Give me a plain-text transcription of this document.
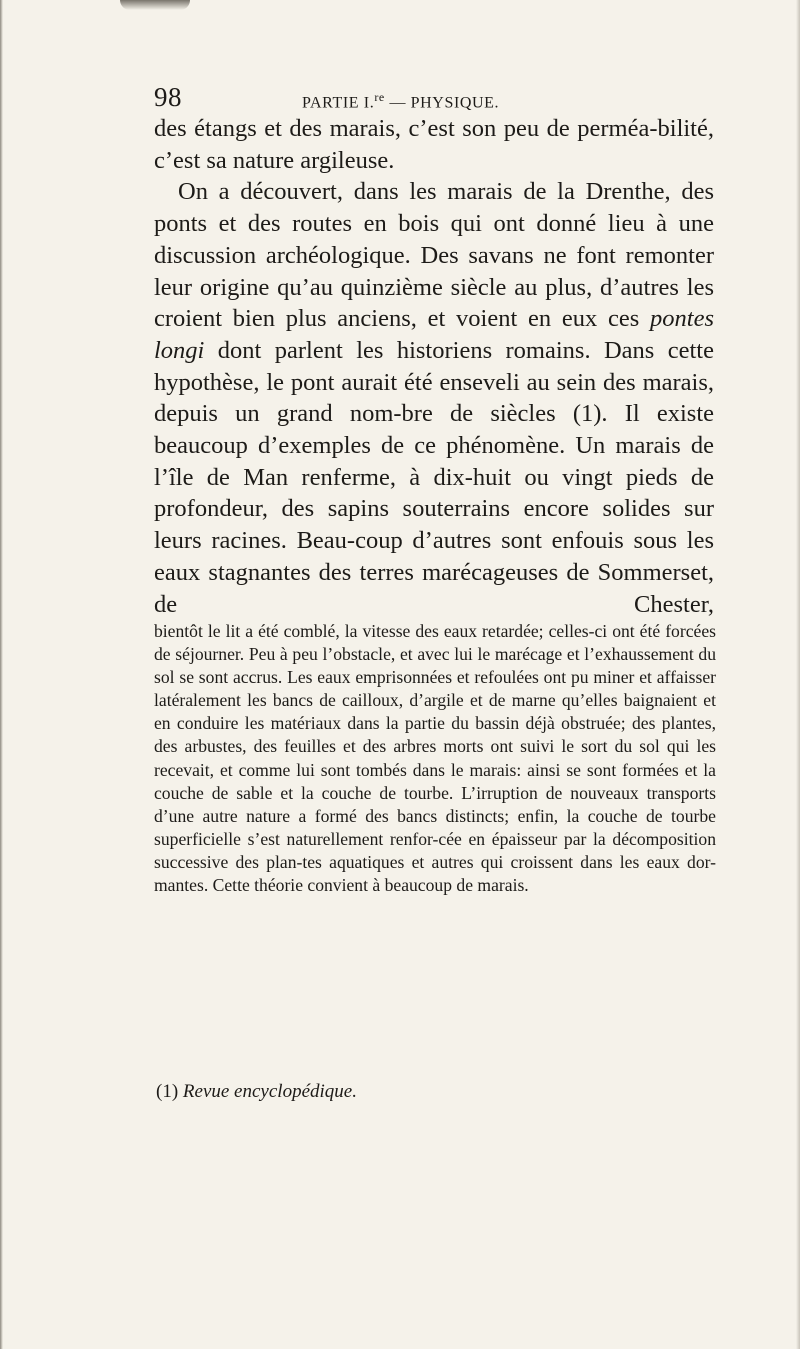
98	PARTIE I.$^{re}$ — PHYSIQUE.

des étangs et des marais, c’est son peu de perméa-bilité, c’est sa nature argileuse.

On a découvert, dans les marais de la Drenthe, des ponts et des routes en bois qui ont donné lieu à une discussion archéologique. Des savans ne font remonter leur origine qu’au quinzième siècle au plus, d’autres les croient bien plus anciens, et voient en eux ces pontes longi dont parlent les historiens romains. Dans cette hypothèse, le pont aurait été enseveli au sein des marais, depuis un grand nom-bre de siècles (1). Il existe beaucoup d’exemples de ce phénomène. Un marais de l’île de Man renferme, à dix-huit ou vingt pieds de profondeur, des sapins souterrains encore solides sur leurs racines. Beau-coup d’autres sont enfouis sous les eaux stagnantes des terres marécageuses de Sommerset, de Chester,

bientôt le lit a été comblé, la vitesse des eaux retardée; celles-ci ont été forcées de séjourner. Peu à peu l’obstacle, et avec lui le marécage et l’exhaussement du sol se sont accrus. Les eaux emprisonnées et refoulées ont pu miner et affaisser latéralement les bancs de cailloux, d’argile et de marne qu’elles baignaient et en conduire les matériaux dans la partie du bassin déjà obstruée; des plantes, des arbustes, des feuilles et des arbres morts ont suivi le sort du sol qui les recevait, et comme lui sont tombés dans le marais: ainsi se sont formées et la couche de sable et la couche de tourbe. L’irruption de nouveaux transports d’une autre nature a formé des bancs distincts; enfin, la couche de tourbe superficielle s’est naturellement renfor-cée en épaisseur par la décomposition successive des plan-tes aquatiques et autres qui croissent dans les eaux dor-mantes. Cette théorie convient à beaucoup de marais.

(1) Revue encyclopédique.
